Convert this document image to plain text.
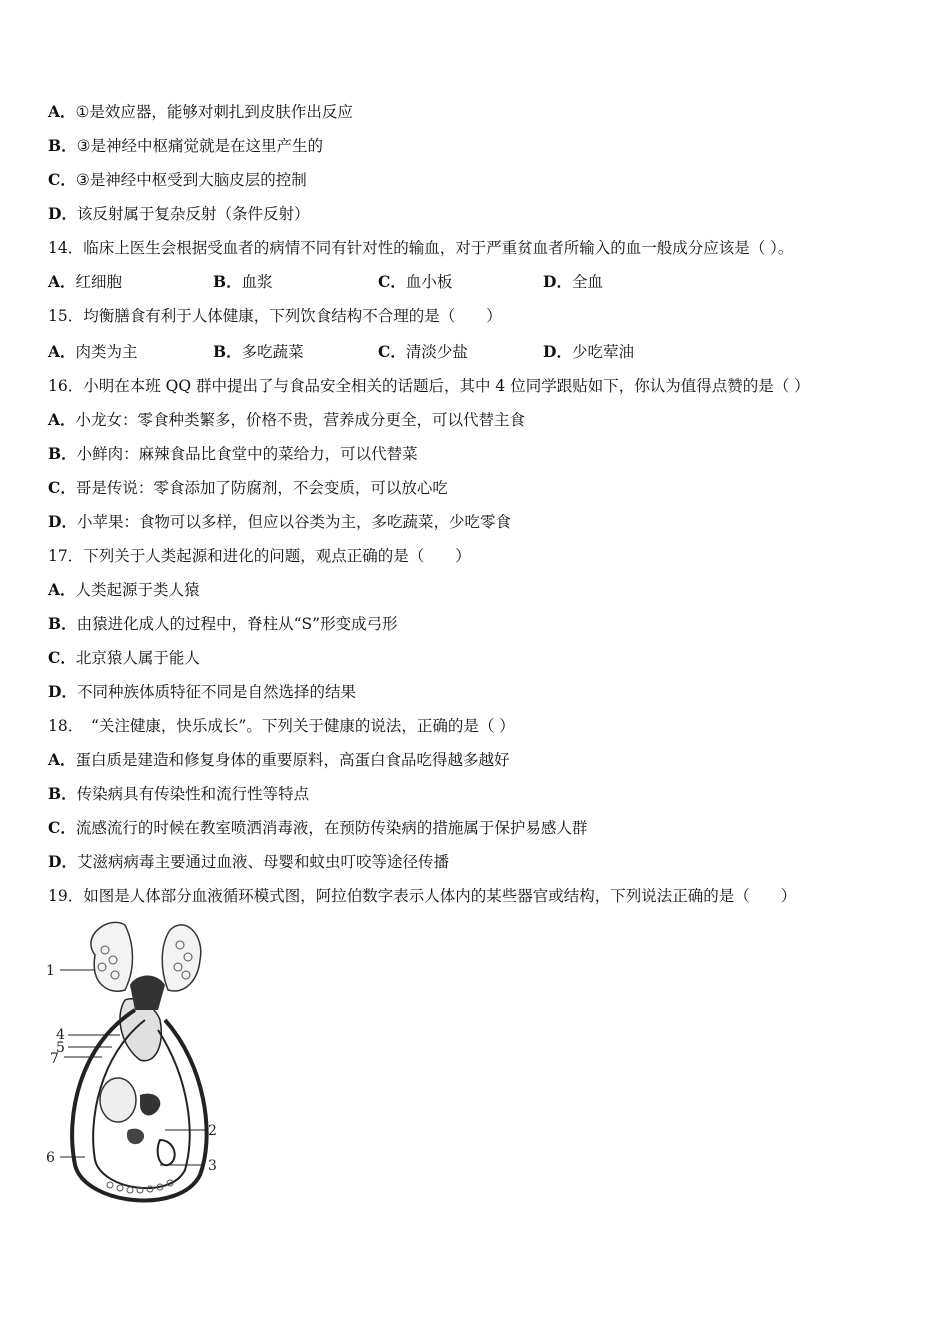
A．①是效应器，能够对刺扎到皮肤作出反应
B．③是神经中枢痛觉就是在这里产生的
C．③是神经中枢受到大脑皮层的控制
D．该反射属于复杂反射（条件反射）
14．临床上医生会根据受血者的病情不同有针对性的输血，对于严重贫血者所输入的血一般成分应该是（ ）。
A．红细胞	B．血浆	C．血小板	D．全血
15．均衡膳食有利于人体健康，下列饮食结构不合理的是（　　）
A．肉类为主	B．多吃蔬菜	C．清淡少盐	D．少吃荤油
16．小明在本班 QQ 群中提出了与食品安全相关的话题后，其中 4 位同学跟贴如下，你认为值得点赞的是（ ）
A．小龙女：零食种类繁多，价格不贵，营养成分更全，可以代替主食
B．小鲜肉：麻辣食品比食堂中的菜给力，可以代替菜
C．哥是传说：零食添加了防腐剂，不会变质，可以放心吃
D．小苹果：食物可以多样，但应以谷类为主，多吃蔬菜，少吃零食
17．下列关于人类起源和进化的问题，观点正确的是（　　）
A．人类起源于类人猿
B．由猿进化成人的过程中，脊柱从“S”形变成弓形
C．北京猿人属于能人
D．不同种族体质特征不同是自然选择的结果
18．　“关注健康，快乐成长”。下列关于健康的说法，正确的是（ ）
A．蛋白质是建造和修复身体的重要原料，高蛋白食品吃得越多越好
B．传染病具有传染性和流行性等特点
C．流感流行的时候在教室喷洒消毒液，在预防传染病的措施属于保护易感人群
D．艾滋病病毒主要通过血液、母婴和蚊虫叮咬等途径传播
19．如图是人体部分血液循环模式图，阿拉伯数字表示人体内的某些器官或结构，下列说法正确的是（　　）
1
4
5
7
2
6	3
